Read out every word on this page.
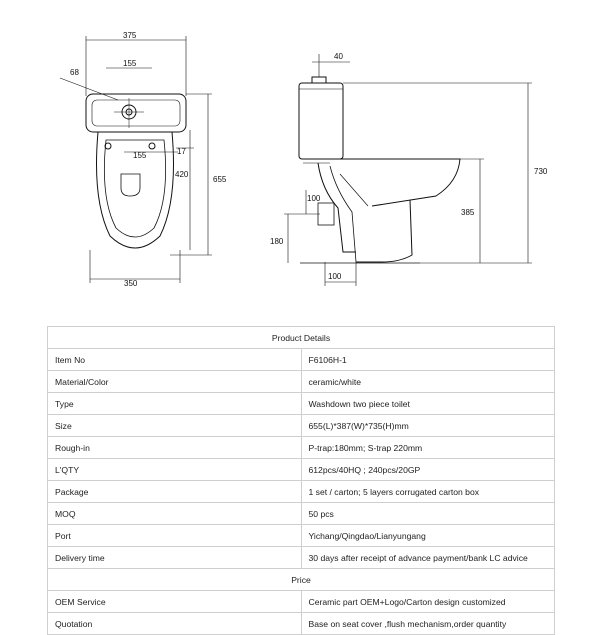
375
155
68
155	17
420
655
350
40
730
385
100
180
100
Product Details	
Item No	F6106H-1
Material/Color	ceramic/white
Type	Washdown two piece toilet
Size	655(L)*387(W)*735(H)mm
Rough-in	P-trap:180mm; S-trap 220mm
L'QTY	612pcs/40HQ ; 240pcs/20GP
Package	1 set / carton; 5 layers corrugated carton box
MOQ	50 pcs
Port	Yichang/Qingdao/Lianyungang
Delivery time	30 days after receipt of advance payment/bank LC advice
Price	
OEM Service	Ceramic part OEM+Logo/Carton design customized
Quotation	Base on seat cover ,flush mechanism,order quantity
